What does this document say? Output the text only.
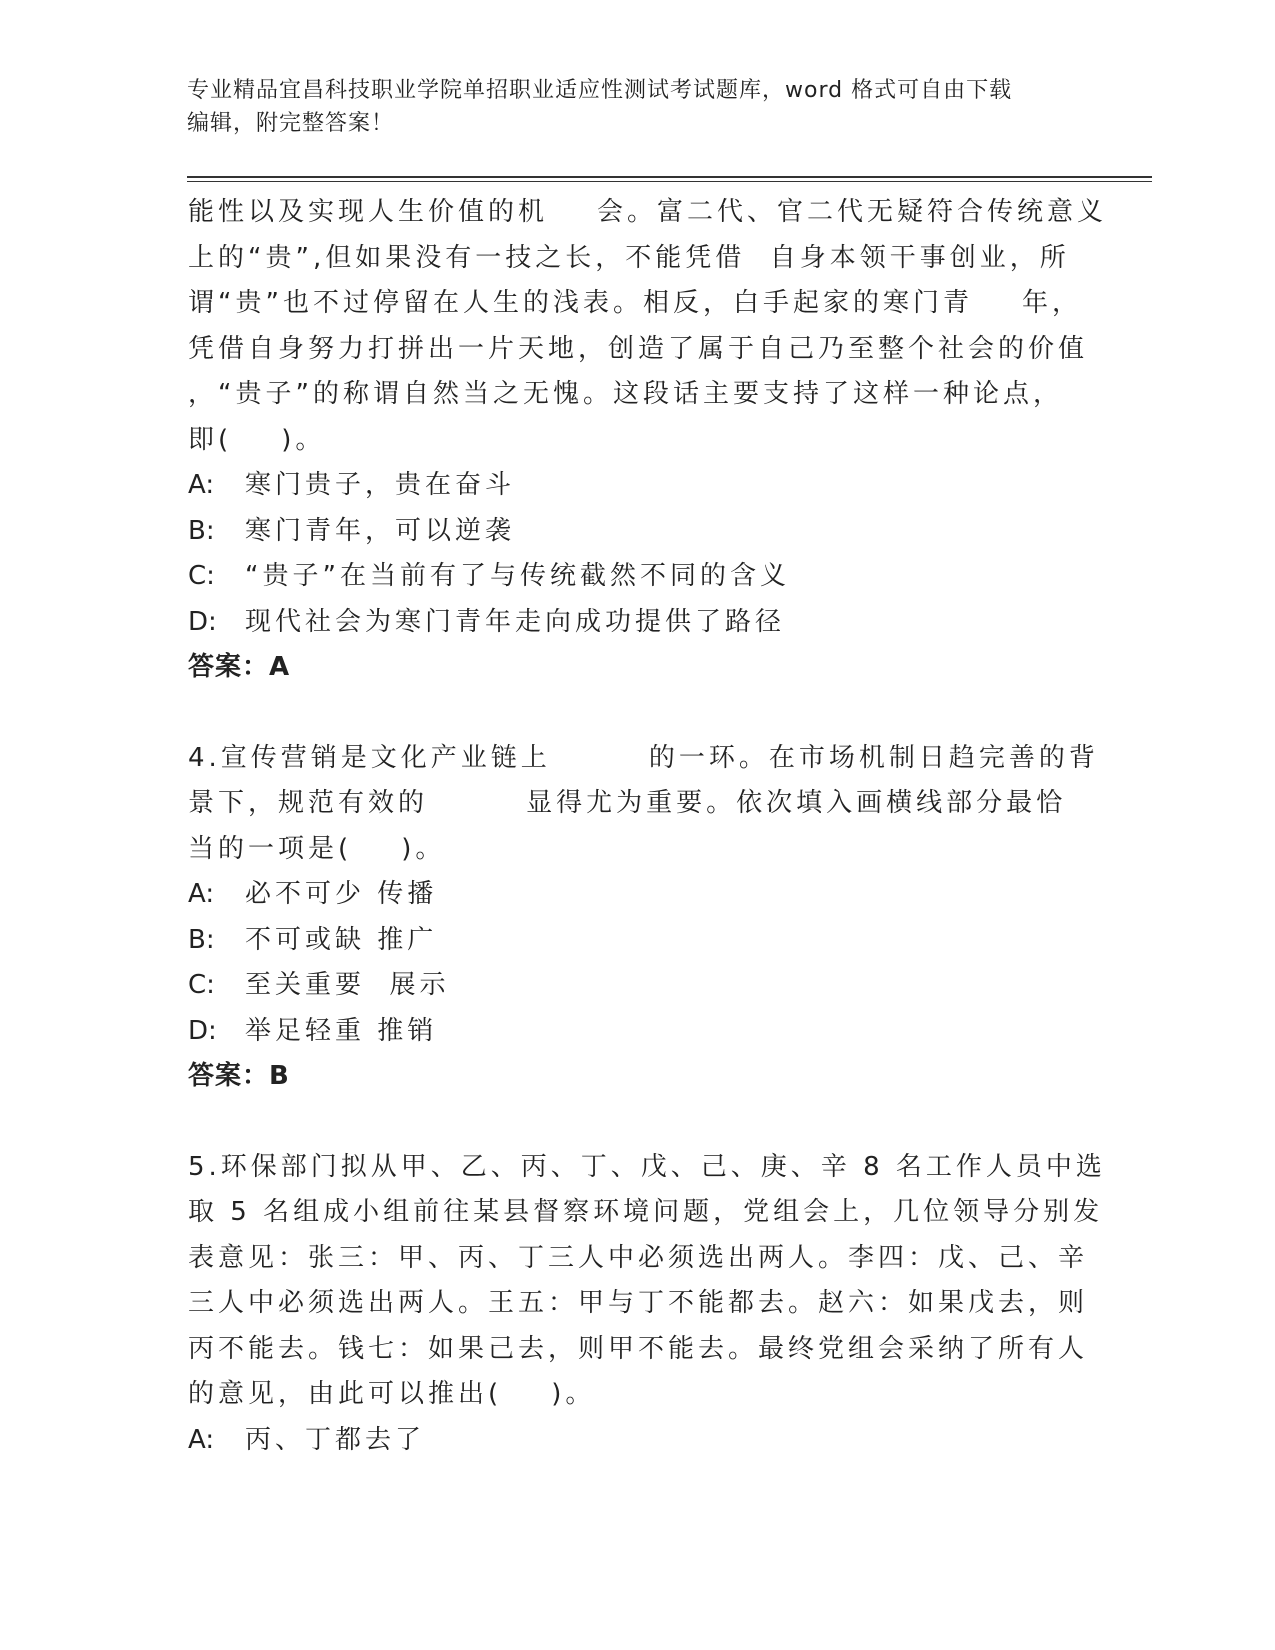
专业精品宜昌科技职业学院单招职业适应性测试考试题库，word 格式可自由下载
编辑，附完整答案！
能性以及实现人生价值的机    会。富二代、官二代无疑符合传统意义
上的“贵”,但如果没有一技之长，不能凭借  自身本领干事创业，所
谓“贵”也不过停留在人生的浅表。相反，白手起家的寒门青    年，
凭借自身努力打拼出一片天地，创造了属于自己乃至整个社会的价值
，“贵子”的称谓自然当之无愧。这段话主要支持了这样一种论点，
即(    )。
A: 寒门贵子，贵在奋斗
B: 寒门青年，可以逆袭
C: “贵子”在当前有了与传统截然不同的含义
D: 现代社会为寒门青年走向成功提供了路径
答案：A
4.宣传营销是文化产业链上        的一环。在市场机制日趋完善的背
景下，规范有效的        显得尤为重要。依次填入画横线部分最恰
当的一项是(    )。
A: 必不可少 传播
B: 不可或缺 推广
C: 至关重要  展示
D: 举足轻重 推销
答案：B
5.环保部门拟从甲、乙、丙、丁、戊、己、庚、辛 8 名工作人员中选
取 5 名组成小组前往某县督察环境问题，党组会上，几位领导分别发
表意见：张三：甲、丙、丁三人中必须选出两人。李四：戊、己、辛
三人中必须选出两人。王五：甲与丁不能都去。赵六：如果戊去，则
丙不能去。钱七：如果己去，则甲不能去。最终党组会采纳了所有人
的意见，由此可以推出(    )。
A: 丙、丁都去了
